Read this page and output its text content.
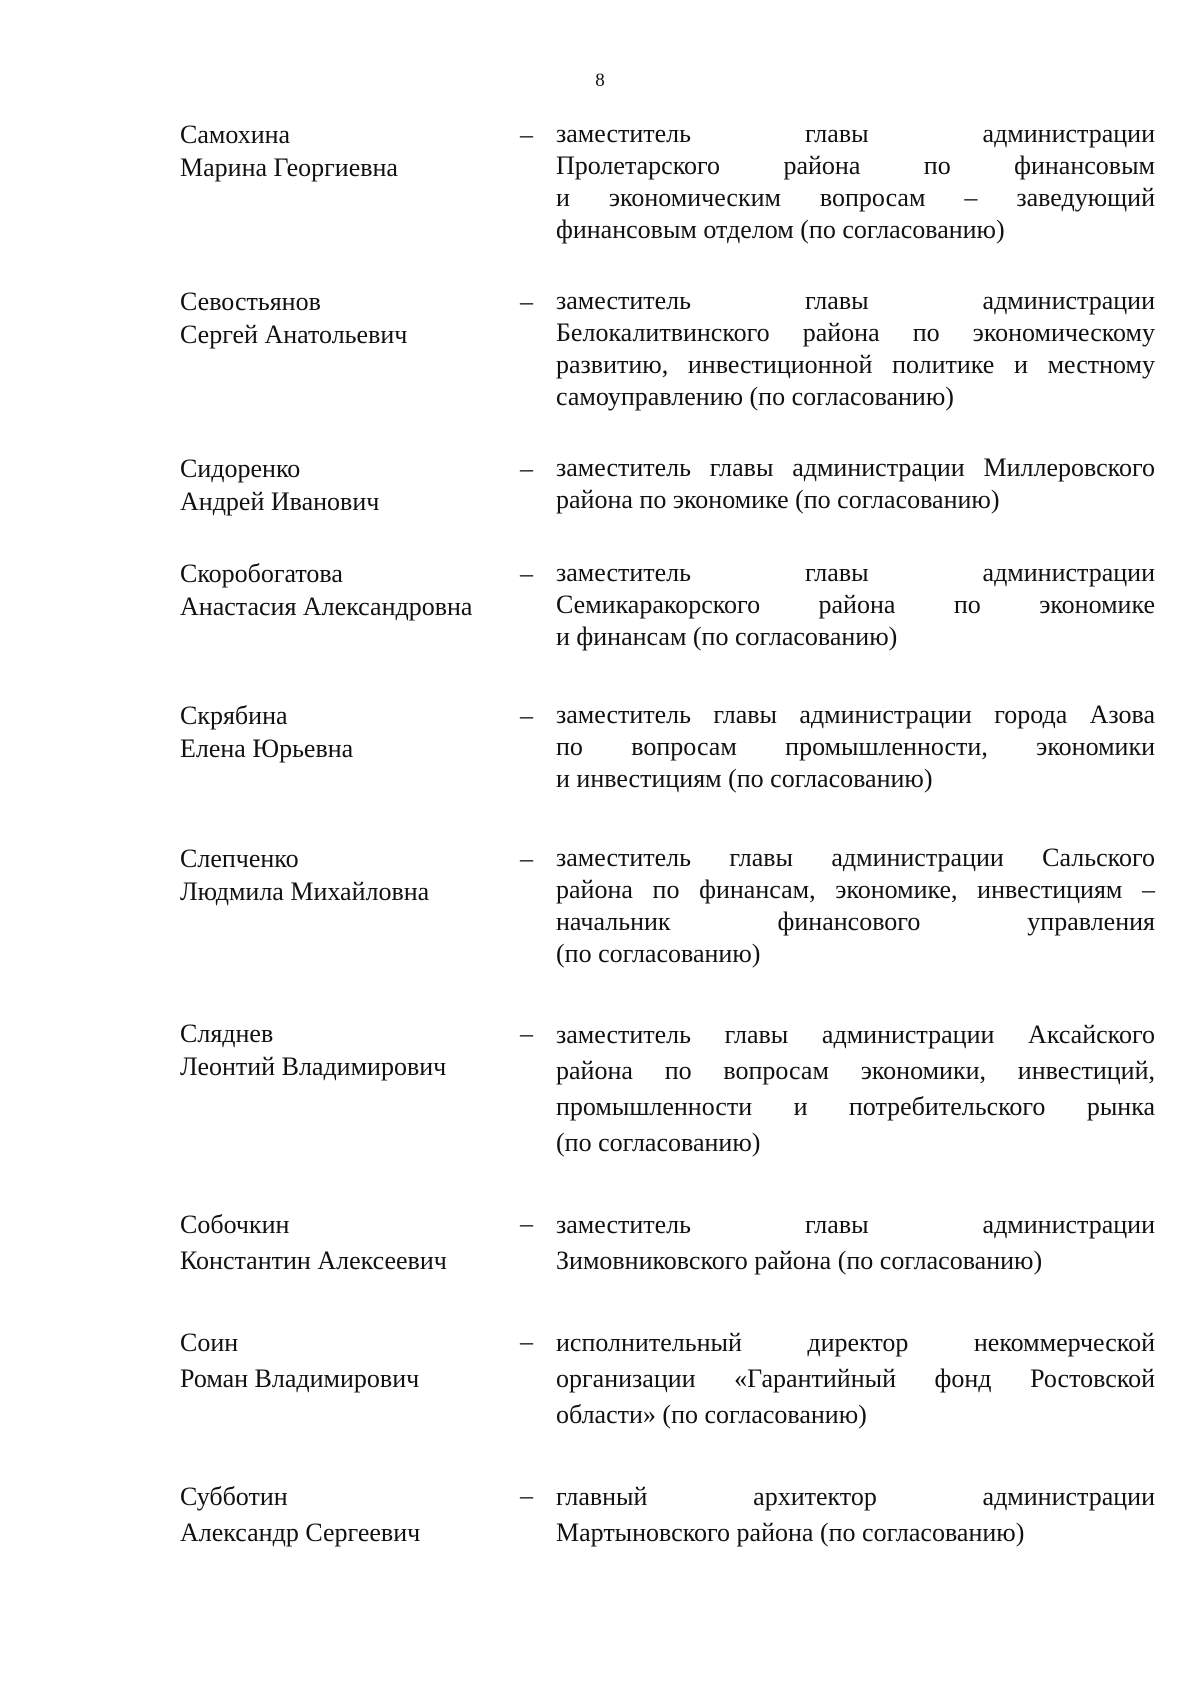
8
Самохина
Марина Георгиевна
– заместитель главы администрации
Пролетарского района по финансовым
и экономическим вопросам – заведующий
финансовым отделом (по согласованию)
Севостьянов
Сергей Анатольевич
– заместитель главы администрации
Белокалитвинского района по экономическому
развитию, инвестиционной политике и местному
самоуправлению (по согласованию)
Сидоренко
Андрей Иванович
– заместитель главы администрации Миллеровского
района по экономике (по согласованию)
Скоробогатова
Анастасия Александровна
– заместитель главы администрации
Семикаракорского района по экономике
и финансам (по согласованию)
Скрябина
Елена Юрьевна
– заместитель главы администрации города Азова
по вопросам промышленности, экономики
и инвестициям (по согласованию)
Слепченко
Людмила Михайловна
– заместитель главы администрации Сальского
района по финансам, экономике, инвестициям –
начальник финансового управления
(по согласованию)
Сляднев
Леонтий Владимирович
– заместитель главы администрации Аксайского
района по вопросам экономики, инвестиций,
промышленности и потребительского рынка
(по согласованию)
Собочкин
Константин Алексеевич
– заместитель главы администрации
Зимовниковского района (по согласованию)
Соин
Роман Владимирович
– исполнительный директор некоммерческой
организации «Гарантийный фонд Ростовской
области» (по согласованию)
Субботин
Александр Сергеевич
– главный архитектор администрации
Мартыновского района (по согласованию)
